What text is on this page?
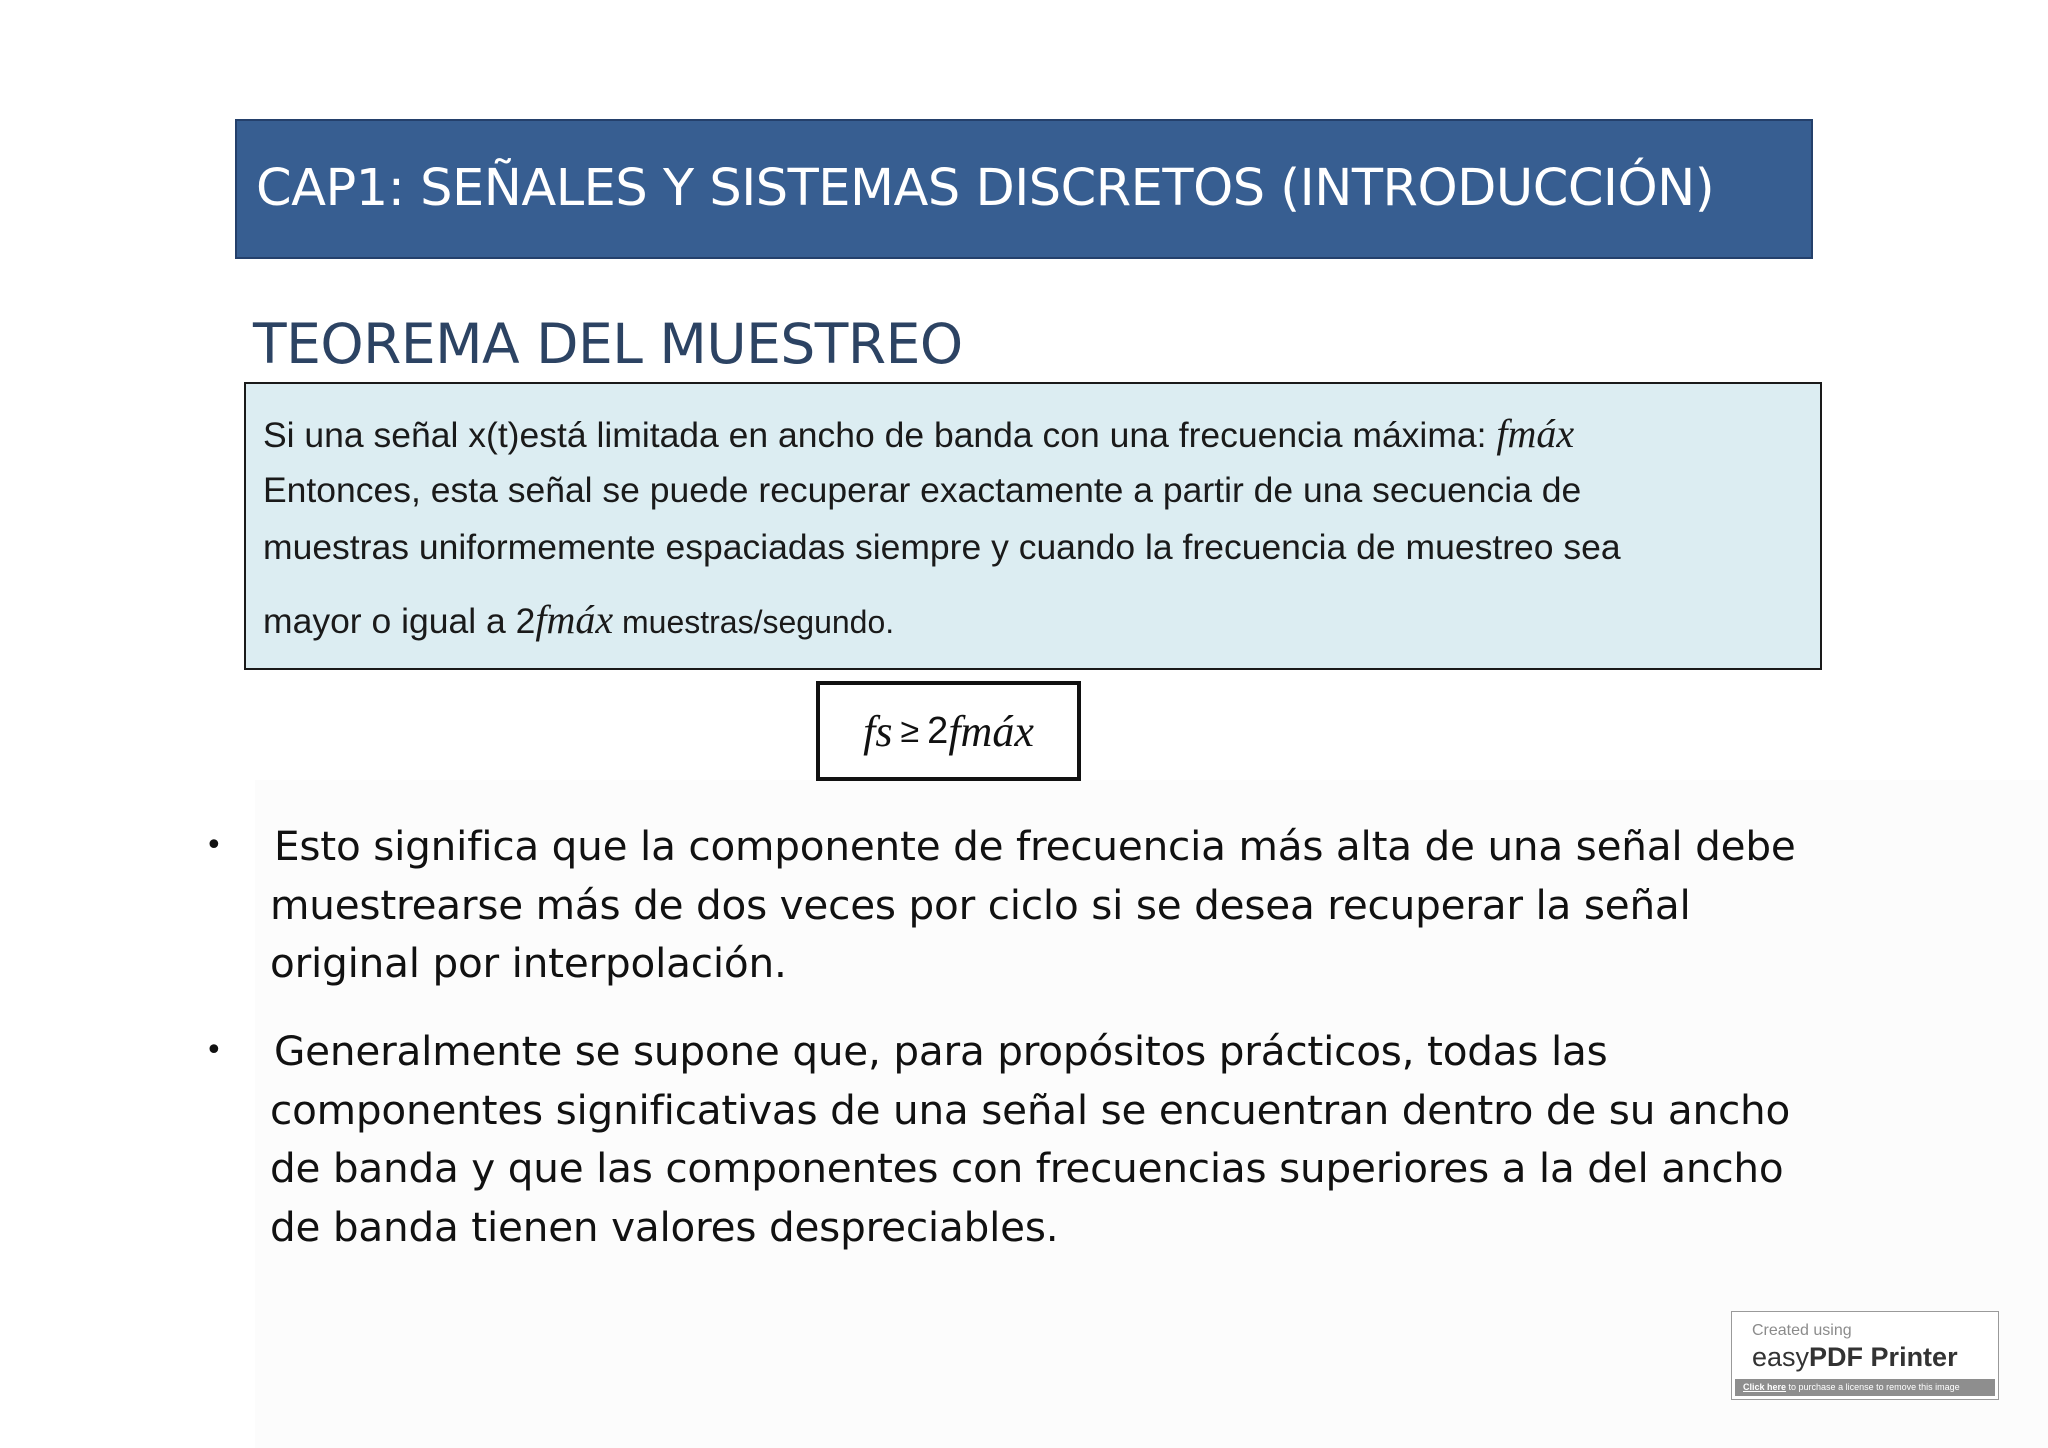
CAP1: SEÑALES Y SISTEMAS DISCRETOS (INTRODUCCIÓN)
TEOREMA DEL MUESTREO
Si una señal x(t)está limitada en ancho de banda con una frecuencia máxima: fmáx
Entonces, esta señal se puede recuperar exactamente a partir de una secuencia de
muestras uniformemente espaciadas siempre y cuando la frecuencia de muestreo sea
mayor o igual a 2fmáx muestras/segundo.
fs ≥ 2 fmáx
• Esto significa que la componente de frecuencia más alta de una señal debe muestrearse más de dos veces por ciclo si se desea recuperar la señal original por interpolación.
• Generalmente se supone que, para propósitos prácticos, todas las componentes significativas de una señal se encuentran dentro de su ancho de banda y que las componentes con frecuencias superiores a la del ancho de banda tienen valores despreciables.
Created using
easyPDF Printer
Click here to purchase a license to remove this image
